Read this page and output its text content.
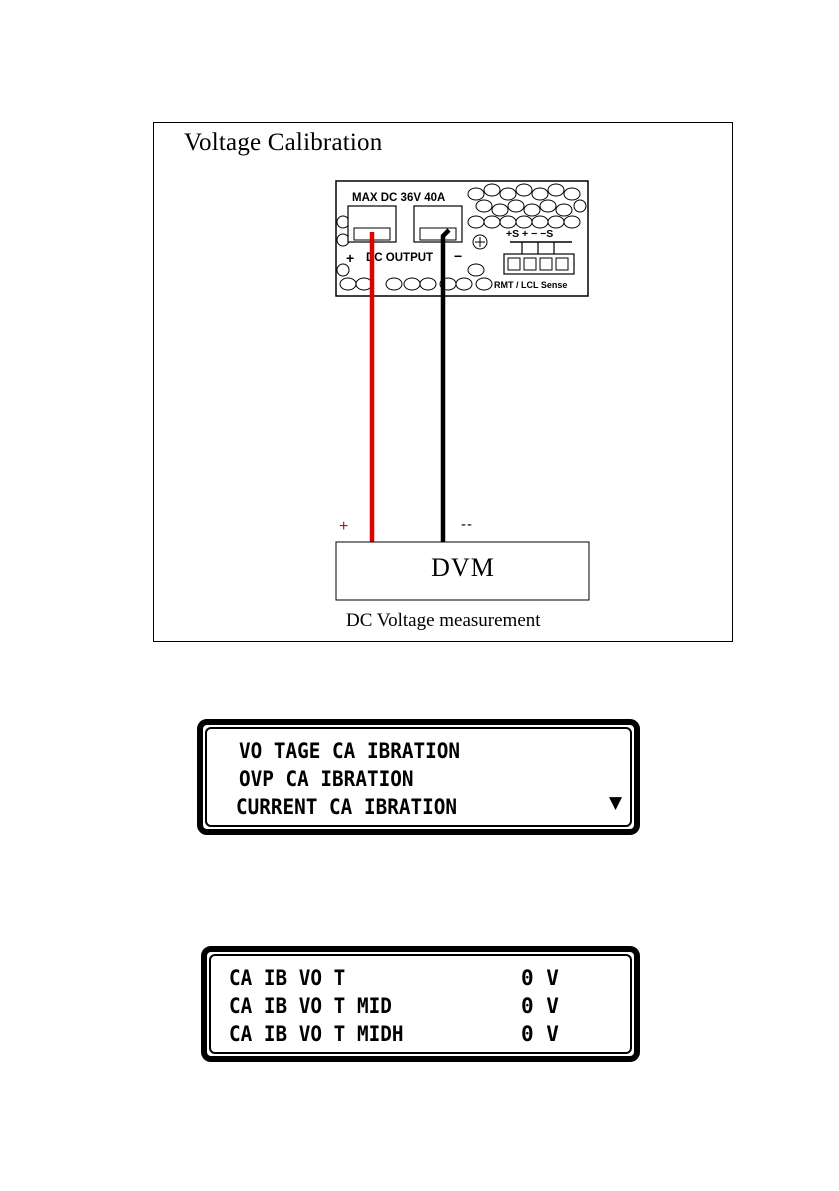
Voltage Calibration
MAX DC 36V 40A
+ DC OUTPUT −
+S + − −S
RMT / LCL Sense
+	--
DVM
DC Voltage measurement
VO TAGE CA IBRATION
OVP CA IBRATION
CURRENT CA IBRATION	▼
CA IB VO T	0 V
CA IB VO T MID	0 V
CA IB VO T MIDH	0 V
